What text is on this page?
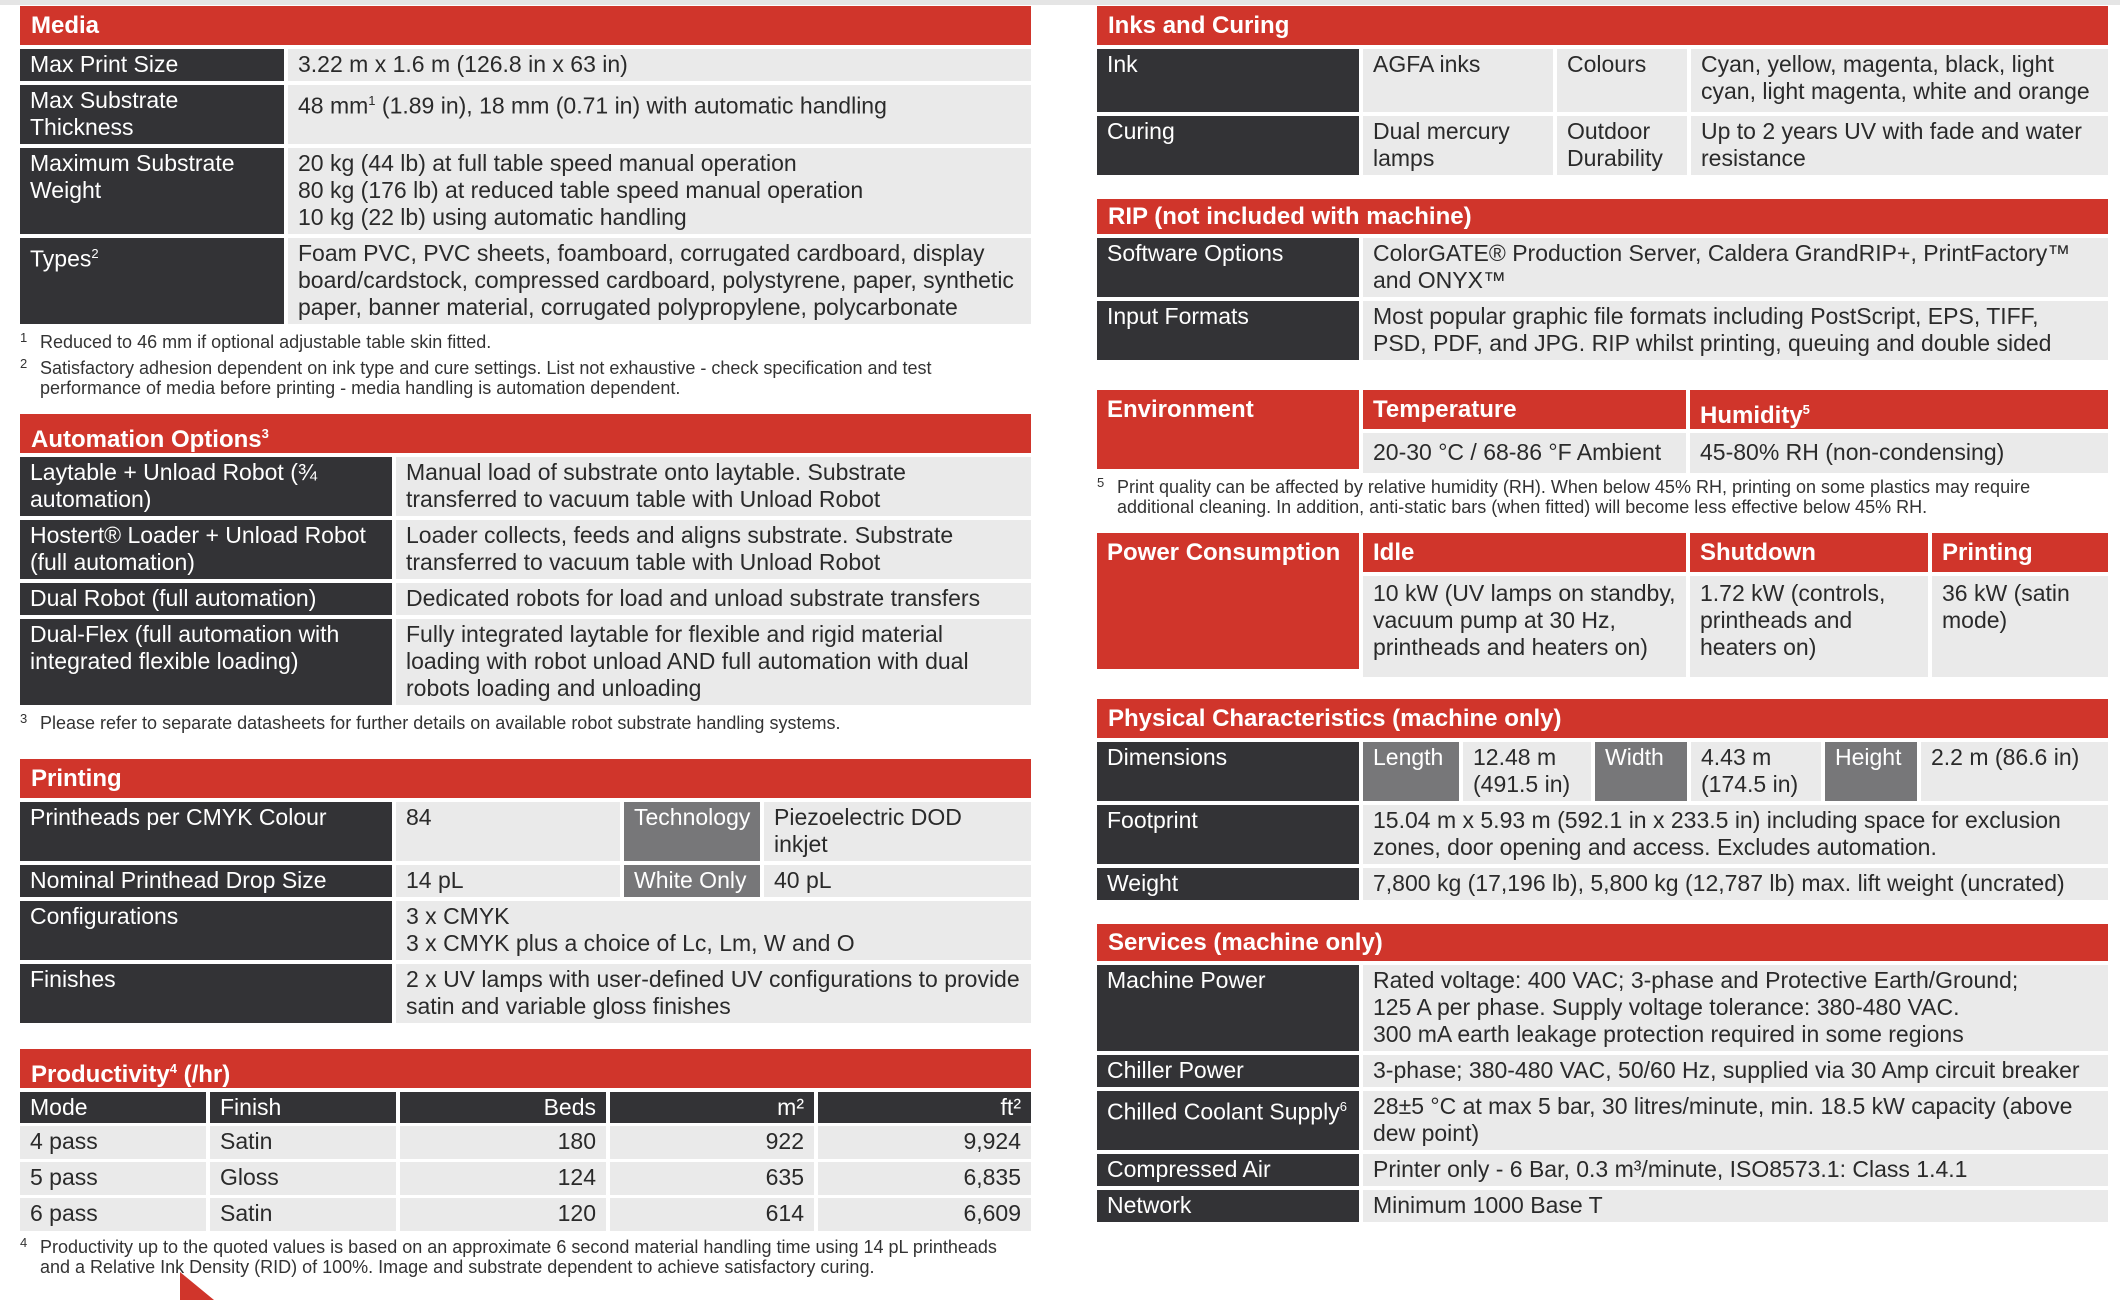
Media
Max Print Size	3.22 m x 1.6 m (126.8 in x 63 in)
Max Substrate Thickness	48 $mm^1$ (1.89 in), 18 mm (0.71 in) with automatic handling
Maximum Substrate Weight	20 kg (44 lb) at full table speed manual operation
80 kg (176 lb) at reduced table speed manual operation
10 kg (22 lb) using automatic handling

Types$^2$	Foam PVC, PVC sheets, foamboard, corrugated cardboard, display board/cardstock, compressed cardboard, polystyrene, paper, synthetic paper, banner material, corrugated polypropylene, polycarbonate
1 Reduced to 46 mm if optional adjustable table skin fitted.
2 Satisfactory adhesion dependent on ink type and cure settings. List not exhaustive - check specification and test performance of media before printing - media handling is automation dependent.
Automation Options$^3$
Laytable + Unload Robot (¾ automation)	Manual load of substrate onto laytable. Substrate transferred to vacuum table with Unload Robot
Hostert® Loader + Unload Robot (full automation)	Loader collects, feeds and aligns substrate. Substrate transferred to vacuum table with Unload Robot
Dual Robot (full automation)	Dedicated robots for load and unload substrate transfers
Dual-Flex (full automation with integrated flexible loading)	Fully integrated laytable for flexible and rigid material loading with robot unload AND full automation with dual robots loading and unloading
3 Please refer to separate datasheets for further details on available robot substrate handling systems.
Printing
Printheads per CMYK Colour	84	Technology	Piezoelectric DOD inkjet
Nominal Printhead Drop Size	14 pL	White Only	40 pL
Configurations	3 x CMYK
3 x CMYK plus a choice of Lc, Lm, W and O		

Finishes	2 x UV lamps with user-defined UV configurations to provide satin and variable gloss finishes		
Productivity$^4$ (/hr)
Mode	Finish	Beds	m²	ft²
4 pass	Satin	180	922	9,924
5 pass	Gloss	124	635	6,835
6 pass	Satin	120	614	6,609
4 Productivity up to the quoted values is based on an approximate 6 second material handling time using 14 pL printheads and a Relative Ink Density (RID) of 100%. Image and substrate dependent to achieve satisfactory curing.
Inks and Curing
Ink	AGFA inks	Colours	Cyan, yellow, magenta, black, light cyan, light magenta, white and orange
Curing	Dual mercury lamps	Outdoor Durability	Up to 2 years UV with fade and water resistance
RIP (not included with machine)
Software Options	ColorGATE® Production Server, Caldera GrandRIP+, PrintFactory™ and ONYX™
Input Formats	Most popular graphic file formats including PostScript, EPS, TIFF, PSD, PDF, and JPG. RIP whilst printing, queuing and double sided
Environment	Temperature
20-30 °C / 68-86 °F Ambient
Humidity$^5$
45-80% RH (non-condensing)
5 Print quality can be affected by relative humidity (RH). When below 45% RH, printing on some plastics may require additional cleaning. In addition, anti-static bars (when fitted) will become less effective below 45% RH.
Power Consumption	Idle
10 kW (UV lamps on standby, vacuum pump at 30 Hz, printheads and heaters on)
Shutdown
1.72 kW (controls, printheads and heaters on)
Printing
36 kW (satin mode)
Physical Characteristics (machine only)
Dimensions	Length	12.48 m (491.5 in)	Width	4.43 m (174.5 in)	Height	2.2 m (86.6 in)
Footprint	15.04 m x 5.93 m (592.1 in x 233.5 in) including space for exclusion zones, door opening and access. Excludes automation.					
Weight	7,800 kg (17,196 lb), 5,800 kg (12,787 lb) max. lift weight (uncrated)					
Services (machine only)
Machine Power	Rated voltage: 400 VAC; 3-phase and Protective Earth/Ground;
125 A per phase. Supply voltage tolerance: 380-480 VAC.
300 mA earth leakage protection required in some regions

Chiller Power	3-phase; 380-480 VAC, 50/60 Hz, supplied via 30 Amp circuit breaker
Chilled Coolant Supply$^6$	28±5 °C at max 5 bar, 30 litres/minute, min. 18.5 kW capacity (above dew point)
Compressed Air	Printer only - 6 Bar, 0.3 m³/minute, ISO8573.1: Class 1.4.1
Network	Minimum 1000 Base T
